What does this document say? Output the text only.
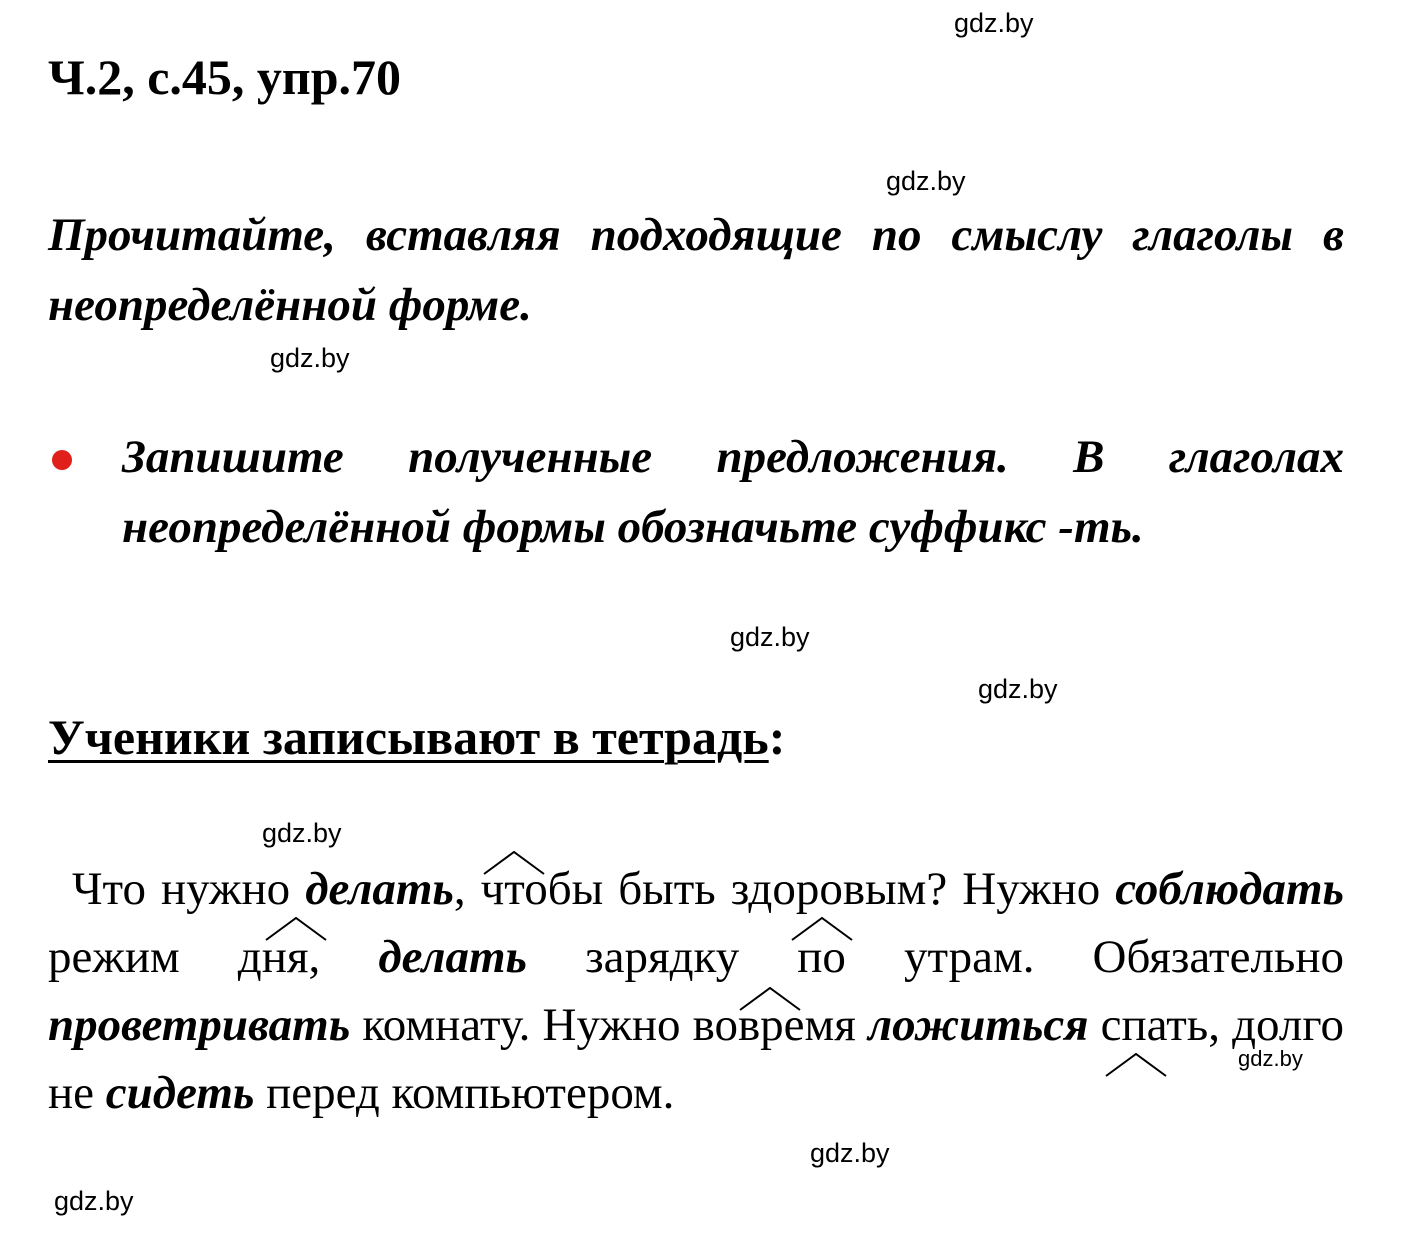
gdz.by
gdz.by
gdz.by
gdz.by
gdz.by
gdz.by
gdz.by
gdz.by
gdz.by
Ч.2, с.45, упр.70

Прочитайте, вставляя подходящие по смыслу глаголы в неопределённой форме.

Запишите полученные предложения. В глаголах неопределённой формы обозначьте суффикс -ть.

Ученики записывают в тетрадь:

Что нужно делать, чтобы быть здоровым? Нужно соблюдать режим дня, делать зарядку по утрам. Обязательно проветривать комнату. Нужно вовремя ложиться спать, долго не сидеть перед компьютером.
